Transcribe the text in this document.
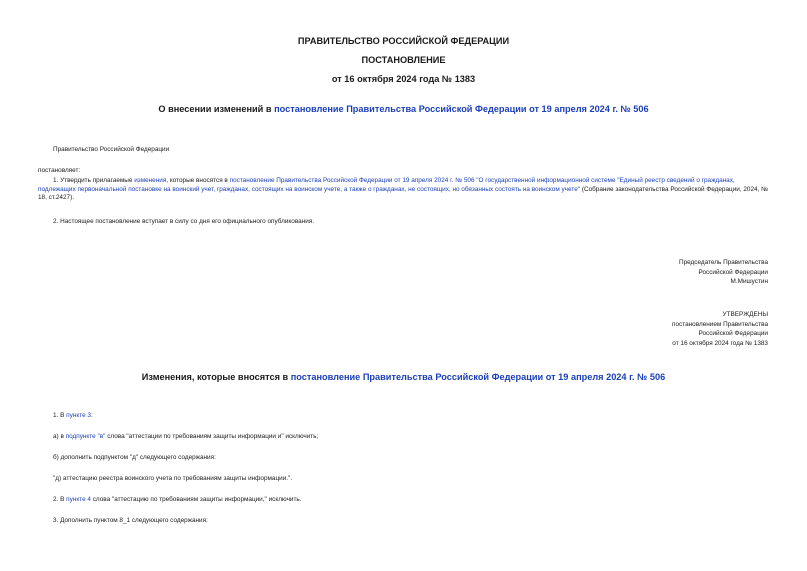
ПРАВИТЕЛЬСТВО РОССИЙСКОЙ ФЕДЕРАЦИИ
ПОСТАНОВЛЕНИЕ
от 16 октября 2024 года № 1383
О внесении изменений в постановление Правительства Российской Федерации от 19 апреля 2024 г. № 506
Правительство Российской Федерации
постановляет:
1. Утвердить прилагаемые изменения, которые вносятся в постановление Правительства Российской Федерации от 19 апреля 2024 г. № 506 "О государственной информационной системе "Единый реестр сведений о гражданах, подлежащих первоначальной постановке на воинский учет, гражданах, состоящих на воинском учете, а также о гражданах, не состоящих, но обязанных состоять на воинском учете" (Собрание законодательства Российской Федерации, 2024, № 18, ст.2427).
2. Настоящее постановление вступает в силу со дня его официального опубликования.
Председатель Правительства
Российской Федерации
М.Мишустин
УТВЕРЖДЕНЫ
постановлением Правительства
Российской Федерации
от 16 октября 2024 года № 1383
Изменения, которые вносятся в постановление Правительства Российской Федерации от 19 апреля 2024 г. № 506
1. В пункте 3:
а) в подпункте "в" слова "аттестации по требованиям защиты информации и" исключить;
б) дополнить подпунктом "д" следующего содержания:
"д) аттестацию реестра воинского учета по требованиям защиты информации.".
2. В пункте 4 слова "аттестацию по требованиям защиты информации," исключить.
3. Дополнить пунктом 8_1 следующего содержания:
